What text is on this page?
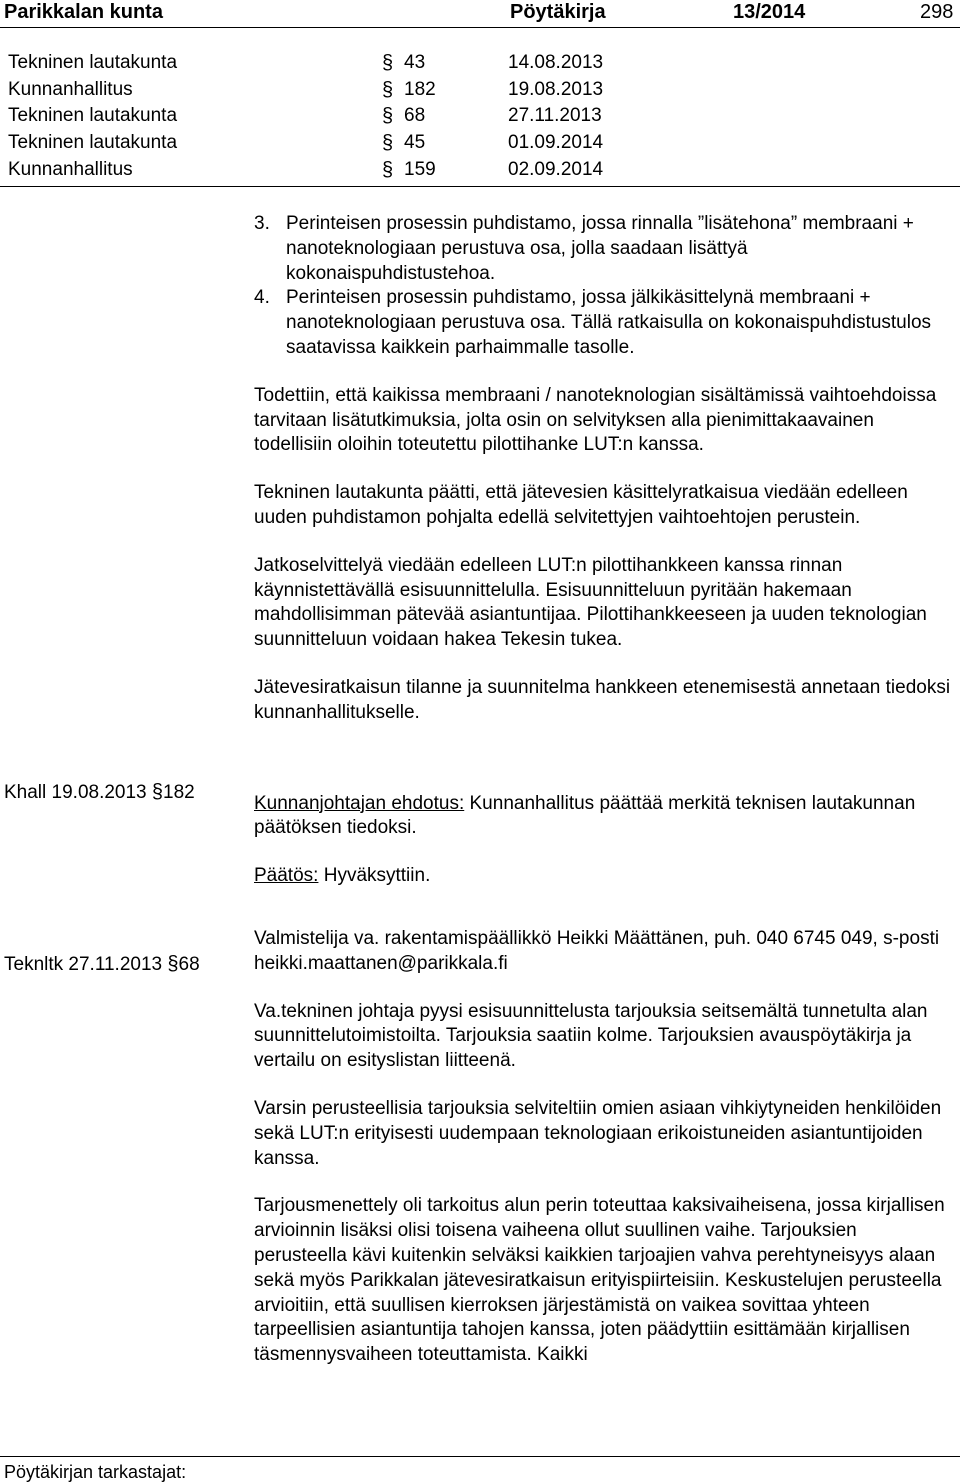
Parikkalan kunta	Pöytäkirja	13/2014	298
Tekninen lautakunta	§ 43	14.08.2013
Kunnanhallitus	§ 182	19.08.2013
Tekninen lautakunta	§ 68	27.11.2013
Tekninen lautakunta	§ 45	01.09.2014
Kunnanhallitus	§ 159	02.09.2014

3. Perinteisen prosessin puhdistamo, jossa rinnalla ”lisätehona” membraani + nanoteknologiaan perustuva osa, jolla saadaan lisättyä kokonaispuhdistustehoa.

4. Perinteisen prosessin puhdistamo, jossa jälkikäsittelynä membraani + nanoteknologiaan perustuva osa. Tällä ratkaisulla on kokonaispuhdistustulos saatavissa kaikkein parhaimmalle tasolle.

Todettiin, että kaikissa membraani / nanoteknologian sisältämissä vaihtoehdoissa tarvitaan lisätutkimuksia, jolta osin on selvityksen alla pienimittakaavainen todellisiin oloihin toteutettu pilottihanke LUT:n kanssa.

Tekninen lautakunta päätti, että jätevesien käsittelyratkaisua viedään edelleen uuden puhdistamon pohjalta edellä selvitettyjen vaihtoehtojen perustein.

Jatkoselvittelyä viedään edelleen LUT:n pilottihankkeen kanssa rinnan käynnistettävällä esisuunnittelulla. Esisuunnitteluun pyritään hakemaan mahdollisimman pätevää asiantuntijaa. Pilottihankkeeseen ja uuden teknologian suunnitteluun voidaan hakea Tekesin tukea.

Jätevesiratkaisun tilanne ja suunnitelma hankkeen etenemisestä annetaan tiedoksi kunnanhallitukselle.

Kunnanjohtajan ehdotus: Kunnanhallitus päättää merkitä teknisen lautakunnan päätöksen tiedoksi.

Päätös: Hyväksyttiin.

Valmistelija va. rakentamispäällikkö Heikki Määttänen, puh. 040 6745 049, s-posti heikki.maattanen@parikkala.fi

Va.tekninen johtaja pyysi esisuunnittelusta tarjouksia seitsemältä tunnetulta alan suunnittelutoimistoilta. Tarjouksia saatiin kolme. Tarjouksien avauspöytäkirja ja vertailu on esityslistan liitteenä.

Varsin perusteellisia tarjouksia selviteltiin omien asiaan vihkiytyneiden henkilöiden sekä LUT:n erityisesti uudempaan teknologiaan erikoistuneiden asiantuntijoiden kanssa.

Tarjousmenettely oli tarkoitus alun perin toteuttaa kaksivaiheisena, jossa kirjallisen arvioinnin lisäksi olisi toisena vaiheena ollut suullinen vaihe. Tarjouksien perusteella kävi kuitenkin selväksi kaikkien tarjoajien vahva perehtyneisyys alaan sekä myös Parikkalan jätevesiratkaisun erityispiirteisiin. Keskustelujen perusteella arvioitiin, että suullisen kierroksen järjestämistä on vaikea sovittaa yhteen tarpeellisien asiantuntija tahojen kanssa, joten päädyttiin esittämään kirjallisen täsmennysvaiheen toteuttamista. Kaikki

Khall 19.08.2013 §182
Teknltk 27.11.2013 §68
Pöytäkirjan tarkastajat:
